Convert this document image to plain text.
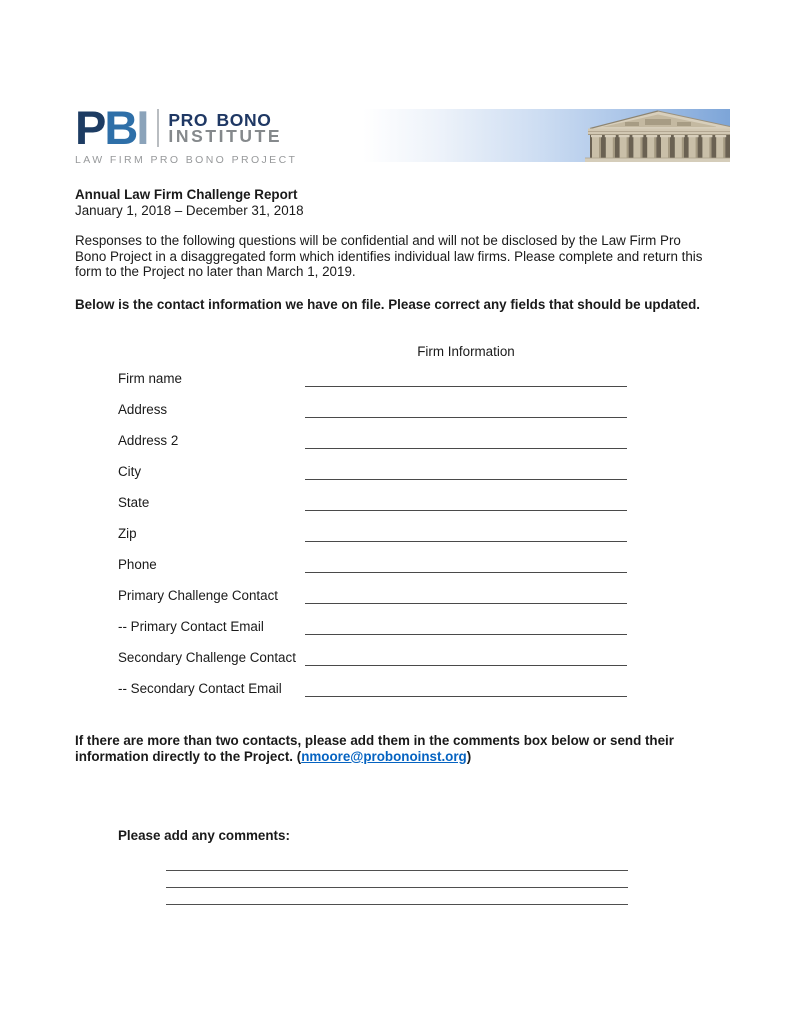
PBI PRO BONO
INSTITUTE
LAW FIRM PRO BONO PROJECT
Annual Law Firm Challenge Report
January 1, 2018 – December 31, 2018
Responses to the following questions will be confidential and will not be disclosed by the Law Firm Pro
Bono Project in a disaggregated form which identifies individual law firms. Please complete and return this
form to the Project no later than March 1, 2019.
Below is the contact information we have on file. Please correct any fields that should be updated.
Firm Information
Firm name
Address
Address 2
City
State
Zip
Phone
Primary Challenge Contact
-- Primary Contact Email
Secondary Challenge Contact
-- Secondary Contact Email
If there are more than two contacts, please add them in the comments box below or send their
information directly to the Project. (nmoore@probonoinst.org)
Please add any comments:
